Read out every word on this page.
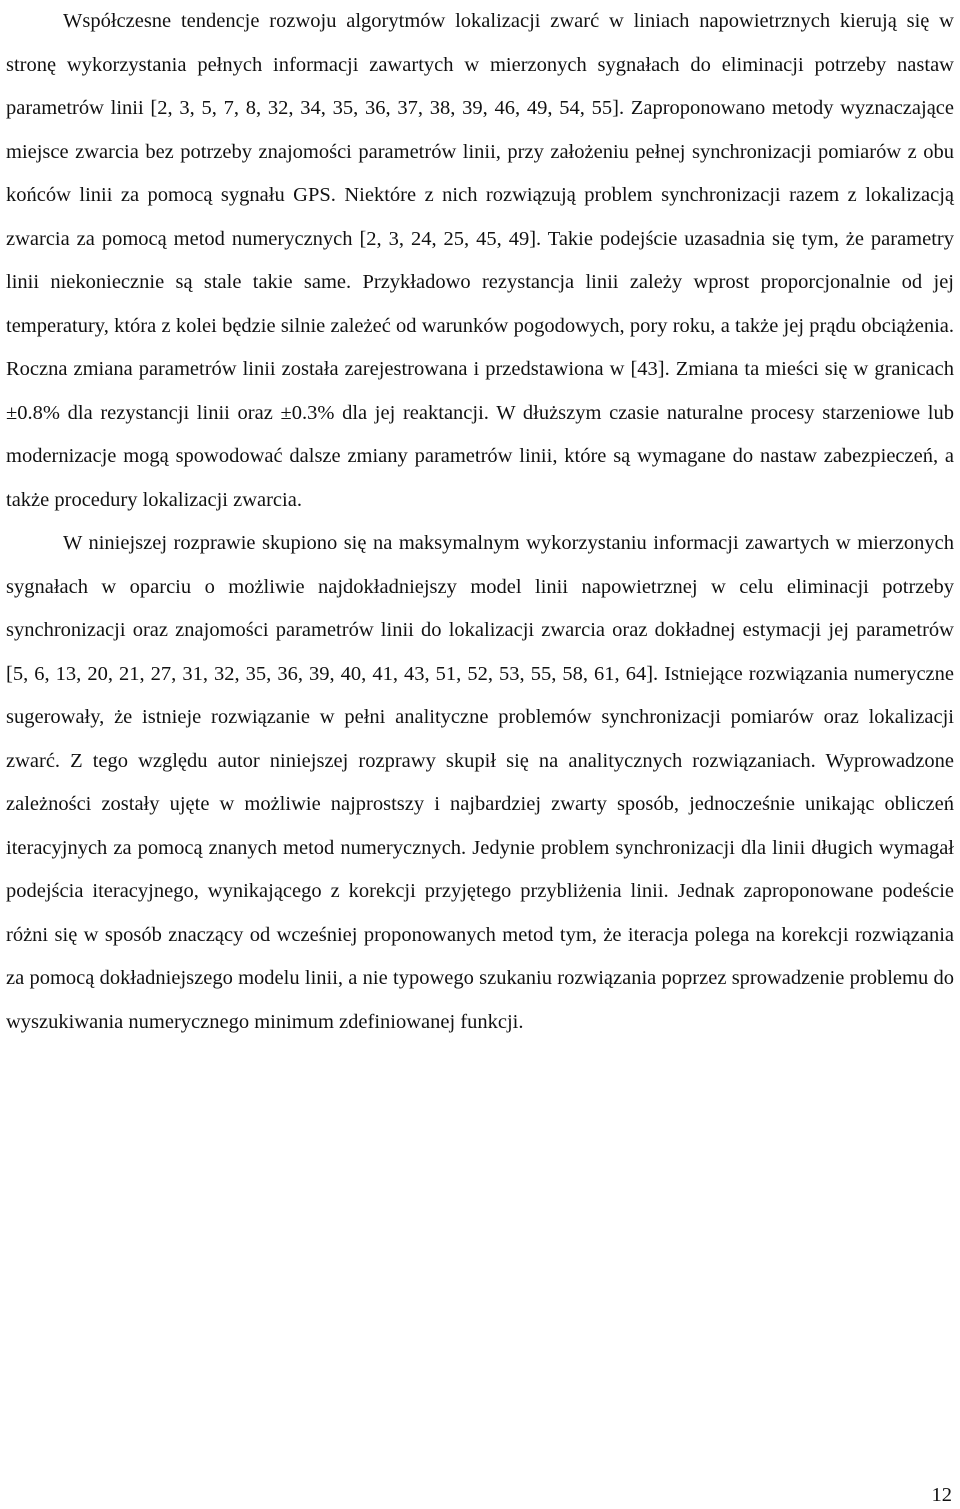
Współczesne tendencje rozwoju algorytmów lokalizacji zwarć w liniach napowietrznych kierują się w stronę wykorzystania pełnych informacji zawartych w mierzonych sygnałach do eliminacji potrzeby nastaw parametrów linii [2, 3, 5, 7, 8, 32, 34, 35, 36, 37, 38, 39, 46, 49, 54, 55]. Zaproponowano metody wyznaczające miejsce zwarcia bez potrzeby znajomości parametrów linii, przy założeniu pełnej synchronizacji pomiarów z obu końców linii za pomocą sygnału GPS. Niektóre z nich rozwiązują problem synchronizacji razem z lokalizacją zwarcia za pomocą metod numerycznych [2, 3, 24, 25, 45, 49]. Takie podejście uzasadnia się tym, że parametry linii niekoniecznie są stale takie same. Przykładowo rezystancja linii zależy wprost proporcjonalnie od jej temperatury, która z kolei będzie silnie zależeć od warunków pogodowych, pory roku, a także jej prądu obciążenia. Roczna zmiana parametrów linii została zarejestrowana i przedstawiona w [43]. Zmiana ta mieści się w granicach ±0.8% dla rezystancji linii oraz ±0.3% dla jej reaktancji. W dłuższym czasie naturalne procesy starzeniowe lub modernizacje mogą spowodować dalsze zmiany parametrów linii, które są wymagane do nastaw zabezpieczeń, a także procedury lokalizacji zwarcia.

W niniejszej rozprawie skupiono się na maksymalnym wykorzystaniu informacji zawartych w mierzonych sygnałach w oparciu o możliwie najdokładniejszy model linii napowietrznej w celu eliminacji potrzeby synchronizacji oraz znajomości parametrów linii do lokalizacji zwarcia oraz dokładnej estymacji jej parametrów [5, 6, 13, 20, 21, 27, 31, 32, 35, 36, 39, 40, 41, 43, 51, 52, 53, 55, 58, 61, 64]. Istniejące rozwiązania numeryczne sugerowały, że istnieje rozwiązanie w pełni analityczne problemów synchronizacji pomiarów oraz lokalizacji zwarć. Z tego względu autor niniejszej rozprawy skupił się na analitycznych rozwiązaniach. Wyprowadzone zależności zostały ujęte w możliwie najprostszy i najbardziej zwarty sposób, jednocześnie unikając obliczeń iteracyjnych za pomocą znanych metod numerycznych. Jedynie problem synchronizacji dla linii długich wymagał podejścia iteracyjnego, wynikającego z korekcji przyjętego przybliżenia linii. Jednak zaproponowane podeście różni się w sposób znaczący od wcześniej proponowanych metod tym, że iteracja polega na korekcji rozwiązania za pomocą dokładniejszego modelu linii, a nie typowego szukaniu rozwiązania poprzez sprowadzenie problemu do wyszukiwania numerycznego minimum zdefiniowanej funkcji.

12
